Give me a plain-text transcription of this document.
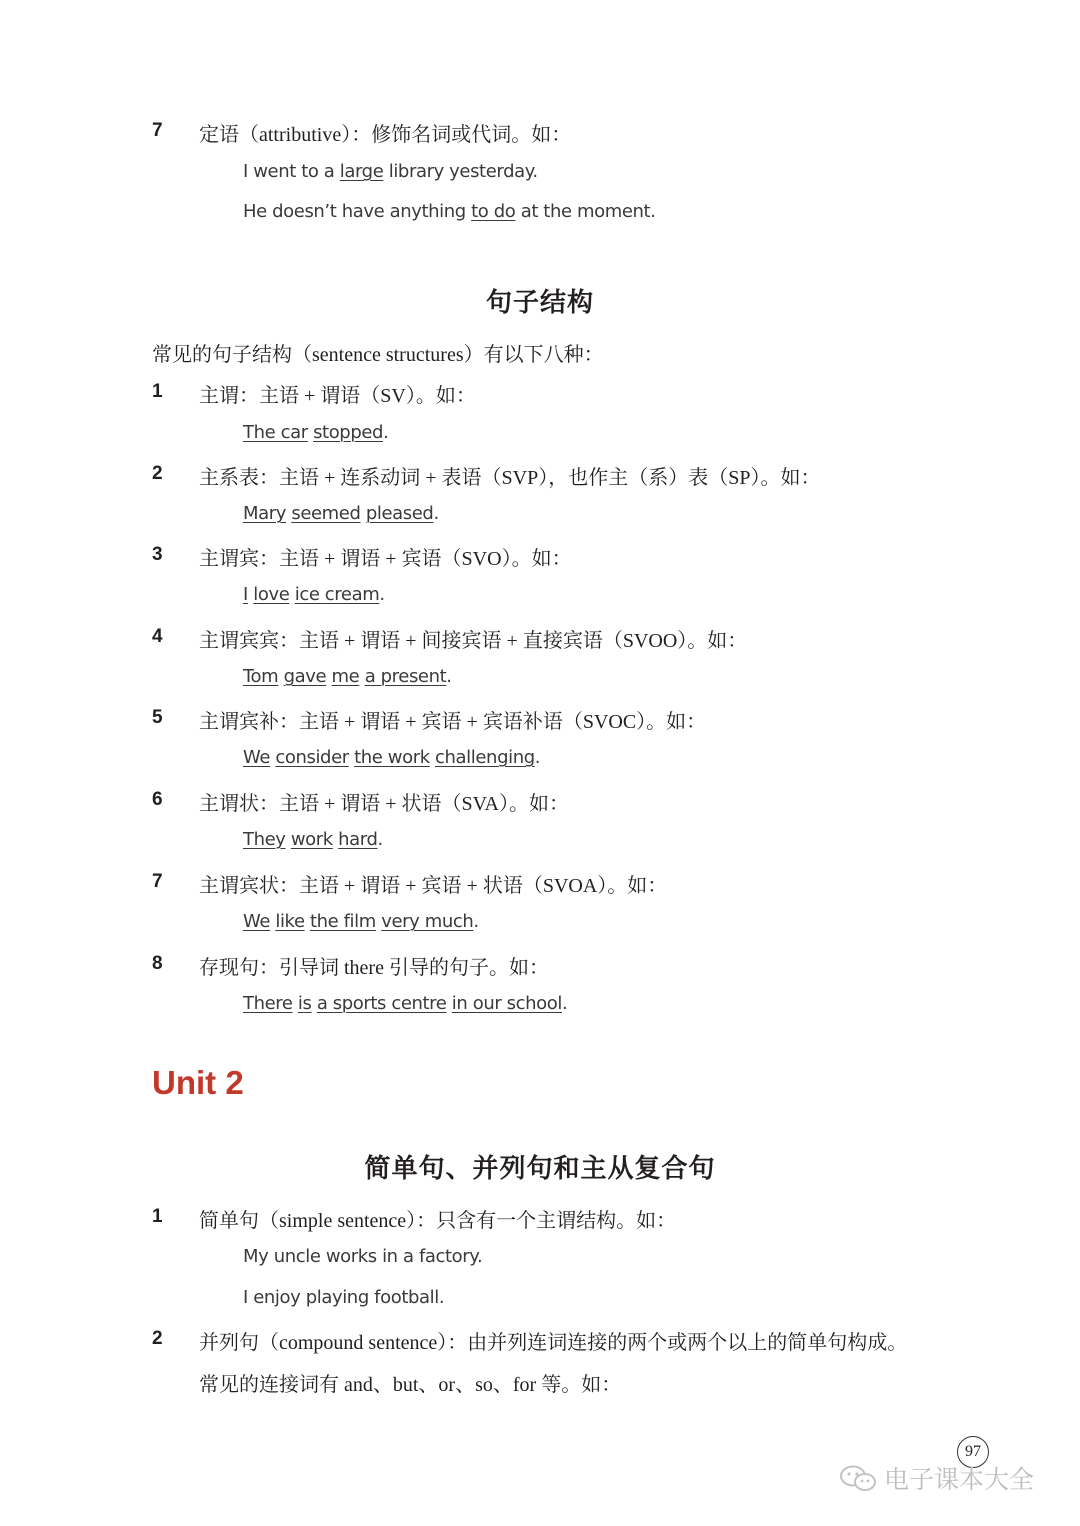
7 定语（attributive）：修饰名词或代词。如：
I went to a large library yesterday.
He doesn’t have anything to do at the moment.
句子结构
常见的句子结构（sentence structures）有以下八种：
1 主谓：主语 + 谓语（SV）。如：
The car stopped.
2 主系表：主语 + 连系动词 + 表语（SVP），也作主（系）表（SP）。如：
Mary seemed pleased.
3 主谓宾：主语 + 谓语 + 宾语（SVO）。如：
I love ice cream.
4 主谓宾宾：主语 + 谓语 + 间接宾语 + 直接宾语（SVOO）。如：
Tom gave me a present.
5 主谓宾补：主语 + 谓语 + 宾语 + 宾语补语（SVOC）。如：
We consider the work challenging.
6 主谓状：主语 + 谓语 + 状语（SVA）。如：
They work hard.
7 主谓宾状：主语 + 谓语 + 宾语 + 状语（SVOA）。如：
We like the film very much.
8 存现句：引导词 there 引导的句子。如：
There is a sports centre in our school.
Unit 2
简单句、并列句和主从复合句
1 简单句（simple sentence）：只含有一个主谓结构。如：
My uncle works in a factory.
I enjoy playing football.
2 并列句（compound sentence）：由并列连词连接的两个或两个以上的简单句构成。
常见的连接词有 and、but、or、so、for 等。如：
97
电子课本大全
